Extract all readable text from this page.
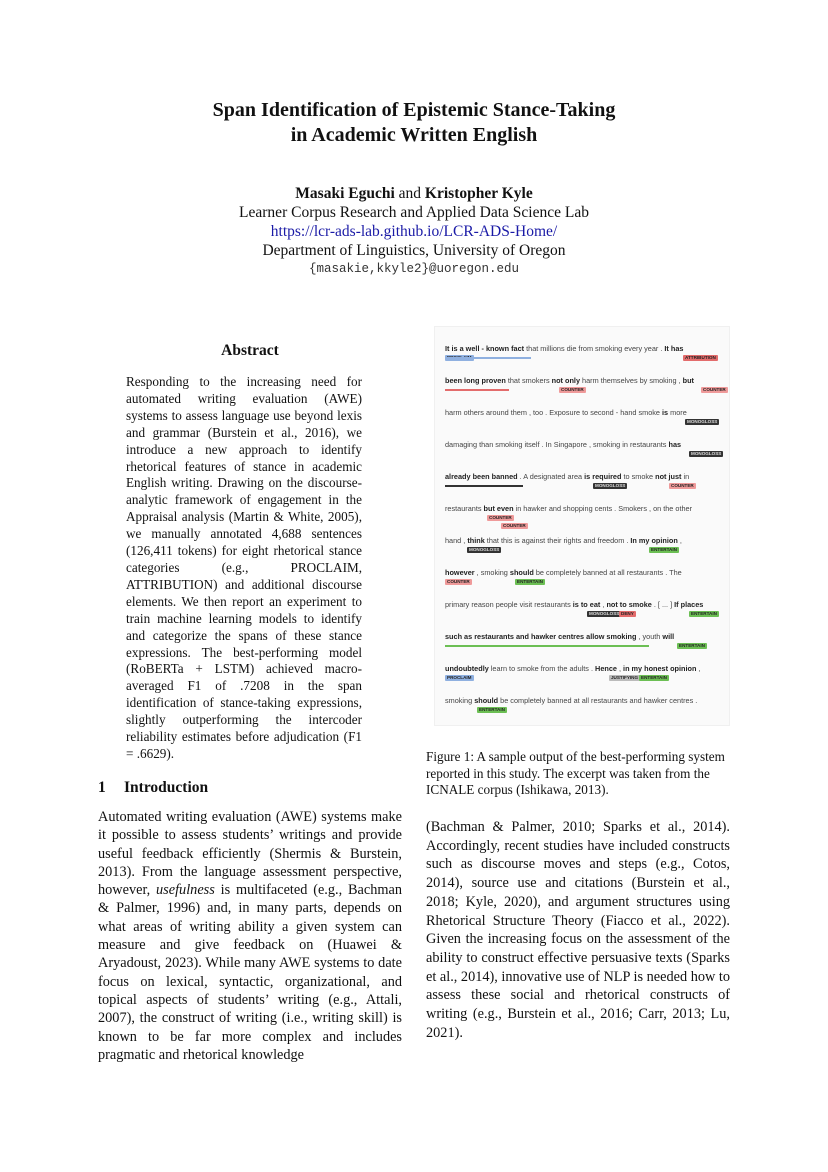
Span Identification of Epistemic Stance-Taking
in Academic Written English
Masaki Eguchi and Kristopher Kyle
Learner Corpus Research and Applied Data Science Lab
https://lcr-ads-lab.github.io/LCR-ADS-Home/
Department of Linguistics, University of Oregon
{masakie,kkyle2}@uoregon.edu
Abstract
Responding to the increasing need for automated writing evaluation (AWE) systems to assess language use beyond lexis and grammar (Burstein et al., 2016), we introduce a new approach to identify rhetorical features of stance in academic English writing. Drawing on the discourse-analytic framework of engagement in the Appraisal analysis (Martin & White, 2005), we manually annotated 4,688 sentences (126,411 tokens) for eight rhetorical stance categories (e.g., PROCLAIM, ATTRIBUTION) and additional discourse elements. We then report an experiment to train machine learning models to identify and categorize the spans of these stance expressions. The best-performing model (RoBERTa + LSTM) achieved macro-averaged F1 of .7208 in the span identification of stance-taking expressions, slightly outperforming the intercoder reliability estimates before adjudication (F1 = .6629).
1 Introduction
Automated writing evaluation (AWE) systems make it possible to assess students’ writings and provide useful feedback efficiently (Shermis & Burstein, 2013). From the language assessment perspective, however, usefulness is multifaceted (e.g., Bachman & Palmer, 1996) and, in many parts, depends on what areas of writing ability a given system can measure and give feedback on (Huawei & Aryadoust, 2023). While many AWE systems to date focus on lexical, syntactic, organizational, and topical aspects of students’ writing (e.g., Attali, 2007), the construct of writing (i.e., writing skill) is known to be far more complex and includes pragmatic and rhetorical knowledge
(Bachman & Palmer, 2010; Sparks et al., 2014). Accordingly, recent studies have included constructs such as discourse moves and steps (e.g., Cotos, 2014), source use and citations (Burstein et al., 2018; Kyle, 2020), and argument structures using Rhetorical Structure Theory (Fiacco et al., 2022). Given the increasing focus on the assessment of the ability to construct effective persuasive texts (Sparks et al., 2014), innovative use of NLP is needed how to assess these social and rhetorical constructs of writing (e.g., Burstein et al., 2016; Carr, 2013; Lu, 2021).
Figure 1: A sample output of the best-performing system reported in this study. The excerpt was taken from the ICNALE corpus (Ishikawa, 2013).
It is a well - known fact that millions die from smoking every year . It has
ATTRIBUTION
been long proven that smokers not only harm themselves by smoking , but
COUNTER	COUNTER
harm others around them , too . Exposure to second - hand smoke is more
MONOGLOSS
damaging than smoking itself . In Singapore , smoking in restaurants has
MONOGLOSS
already been banned . A designated area is required to smoke not just in
MONOGLOSS	COUNTER
restaurants but even in hawker and shopping cents . Smokers , on the other
COUNTER
COUNTER
hand , think that this is against their rights and freedom . In my opinion ,
MONOGLOSS	ENTERTAIN
however , smoking should be completely banned at all restaurants . The
COUNTER	ENTERTAIN
primary reason people visit restaurants is to eat , not to smoke . [ ... ] If places
MONOGLOSS DENY	ENTERTAIN
such as restaurants and hawker centres allow smoking , youth will
ENTERTAIN
undoubtedly learn to smoke from the adults . Hence , in my honest opinion ,
PROCLAIM	JUSTIFYING ENTERTAIN
smoking should be completely banned at all restaurants and hawker centres .
ENTERTAIN
